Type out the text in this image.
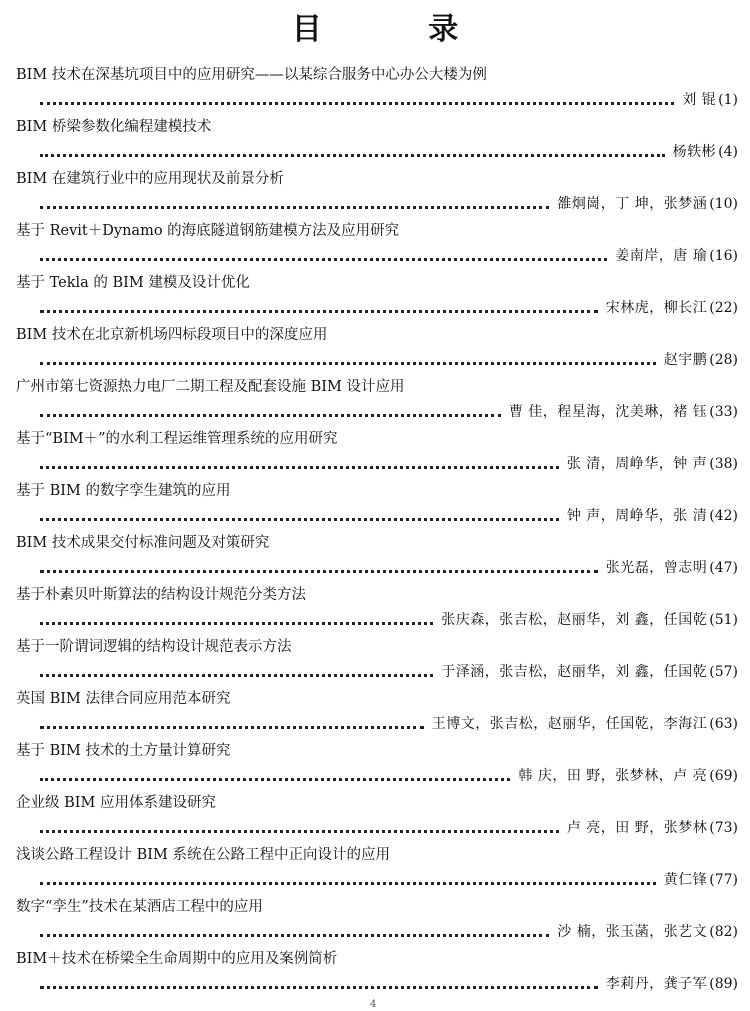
目 录
BIM 技术在深基坑项目中的应用研究——以某综合服务中心办公大楼为例
刘 锟 (1)
BIM 桥梁参数化编程建模技术
杨轶彬 (4)
BIM 在建筑行业中的应用现状及前景分析
雒炯崗，丁 坤，张梦涵 (10)
基于 Revit＋Dynamo 的海底隧道钢筋建模方法及应用研究
姜南岸，唐 瑜 (16)
基于 Tekla 的 BIM 建模及设计优化
宋林虎，柳长江 (22)
BIM 技术在北京新机场四标段项目中的深度应用
赵宇鹏 (28)
广州市第七资源热力电厂二期工程及配套设施 BIM 设计应用
曹 佳，程星海，沈美琳，褚 钰 (33)
基于“BIM＋”的水利工程运维管理系统的应用研究
张 清，周峥华，钟 声 (38)
基于 BIM 的数字孪生建筑的应用
钟 声，周峥华，张 清 (42)
BIM 技术成果交付标准问题及对策研究
张光磊，曾志明 (47)
基于朴素贝叶斯算法的结构设计规范分类方法
张庆森，张吉松，赵丽华，刘 鑫，任国乾 (51)
基于一阶谓词逻辑的结构设计规范表示方法
于泽涵，张吉松，赵丽华，刘 鑫，任国乾 (57)
英国 BIM 法律合同应用范本研究
王博文，张吉松，赵丽华，任国乾，李海江 (63)
基于 BIM 技术的土方量计算研究
韩 庆，田 野，张梦林，卢 亮 (69)
企业级 BIM 应用体系建设研究
卢 亮，田 野，张梦林 (73)
浅谈公路工程设计 BIM 系统在公路工程中正向设计的应用
黄仁锋 (77)
数字“孪生”技术在某酒店工程中的应用
沙 楠，张玉菡，张艺文 (82)
BIM＋技术在桥梁全生命周期中的应用及案例简析
李莉丹，龚子军 (89)
4
